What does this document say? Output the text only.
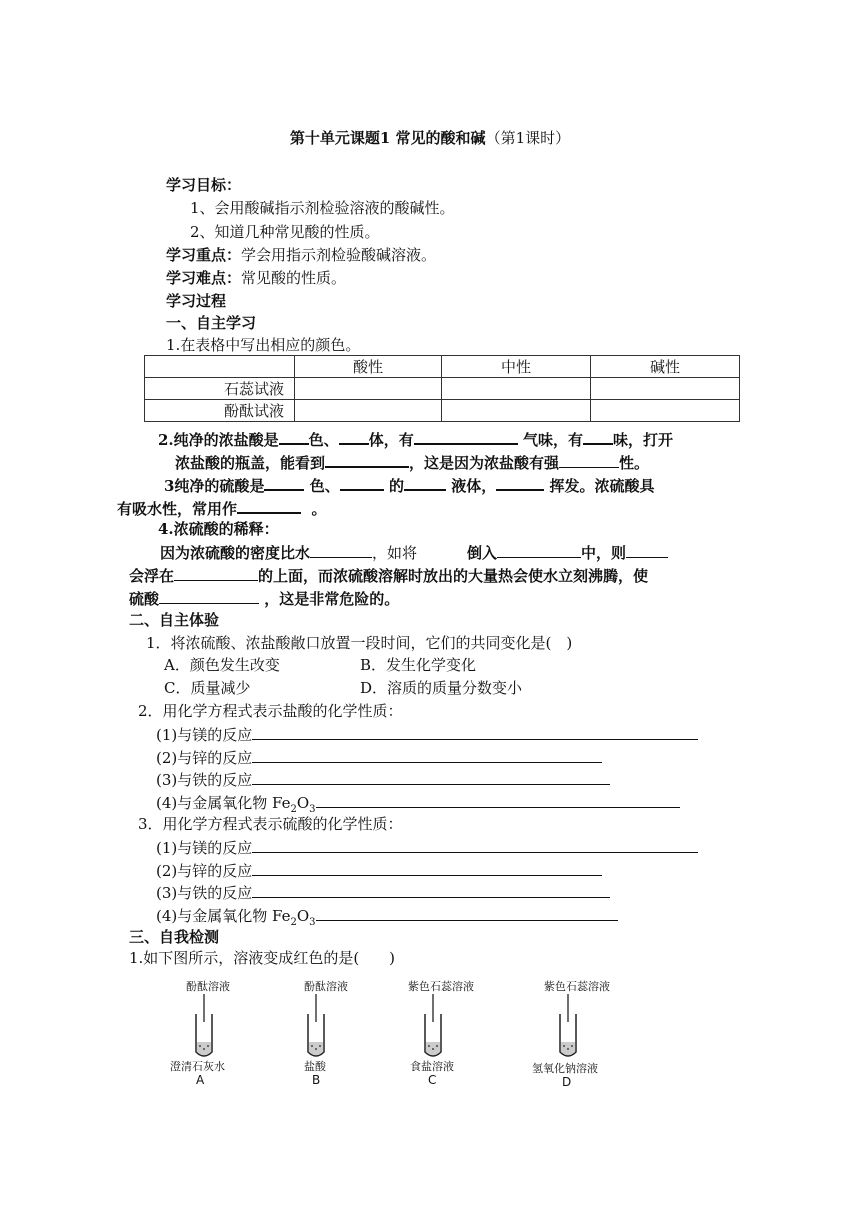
第十单元课题1 常见的酸和碱（第1课时）
学习目标：
1、会用酸碱指示剂检验溶液的酸碱性。
2、知道几种常见酸的性质。
学习重点：学会用指示剂检验酸碱溶液。
学习难点：常见酸的性质。
学习过程
一、自主学习
1.在表格中写出相应的颜色。
	酸性	中性	碱性
石蕊试液			
酚酞试液			
2.纯净的浓盐酸是 色、 体，有	气味，有 味，打开
浓盐酸的瓶盖，能看到	，这是因为浓盐酸有强	性。
3纯净的硫酸是	色、	的	液体，	挥发。浓硫酸具
有吸水性，常用作	。
4.浓硫酸的稀释：
因为浓硫酸的密度比水	，如将	倒入	中，则
会浮在	的上面，而浓硫酸溶解时放出的大量热会使水立刻沸腾，使
硫酸	，这是非常危险的。
二、自主体验
1．将浓硫酸、浓盐酸敞口放置一段时间，它们的共同变化是(　)
A．颜色发生改变	B．发生化学变化
C．质量减少	D．溶质的质量分数变小
2．用化学方程式表示盐酸的化学性质：
(1)与镁的反应
(2)与锌的反应
(3)与铁的反应
(4)与金属氧化物 $Fe_2O_3$
3．用化学方程式表示硫酸的化学性质：
(1)与镁的反应
(2)与锌的反应
(3)与铁的反应
(4)与金属氧化物 $Fe_2O_3$
三、自我检测
1.如下图所示，溶液变成红色的是(　　)
酚酞溶液
澄清石灰水
A
酚酞溶液
盐酸
B
紫色石蕊溶液
食盐溶液
C
紫色石蕊溶液
氢氧化钠溶液
D
